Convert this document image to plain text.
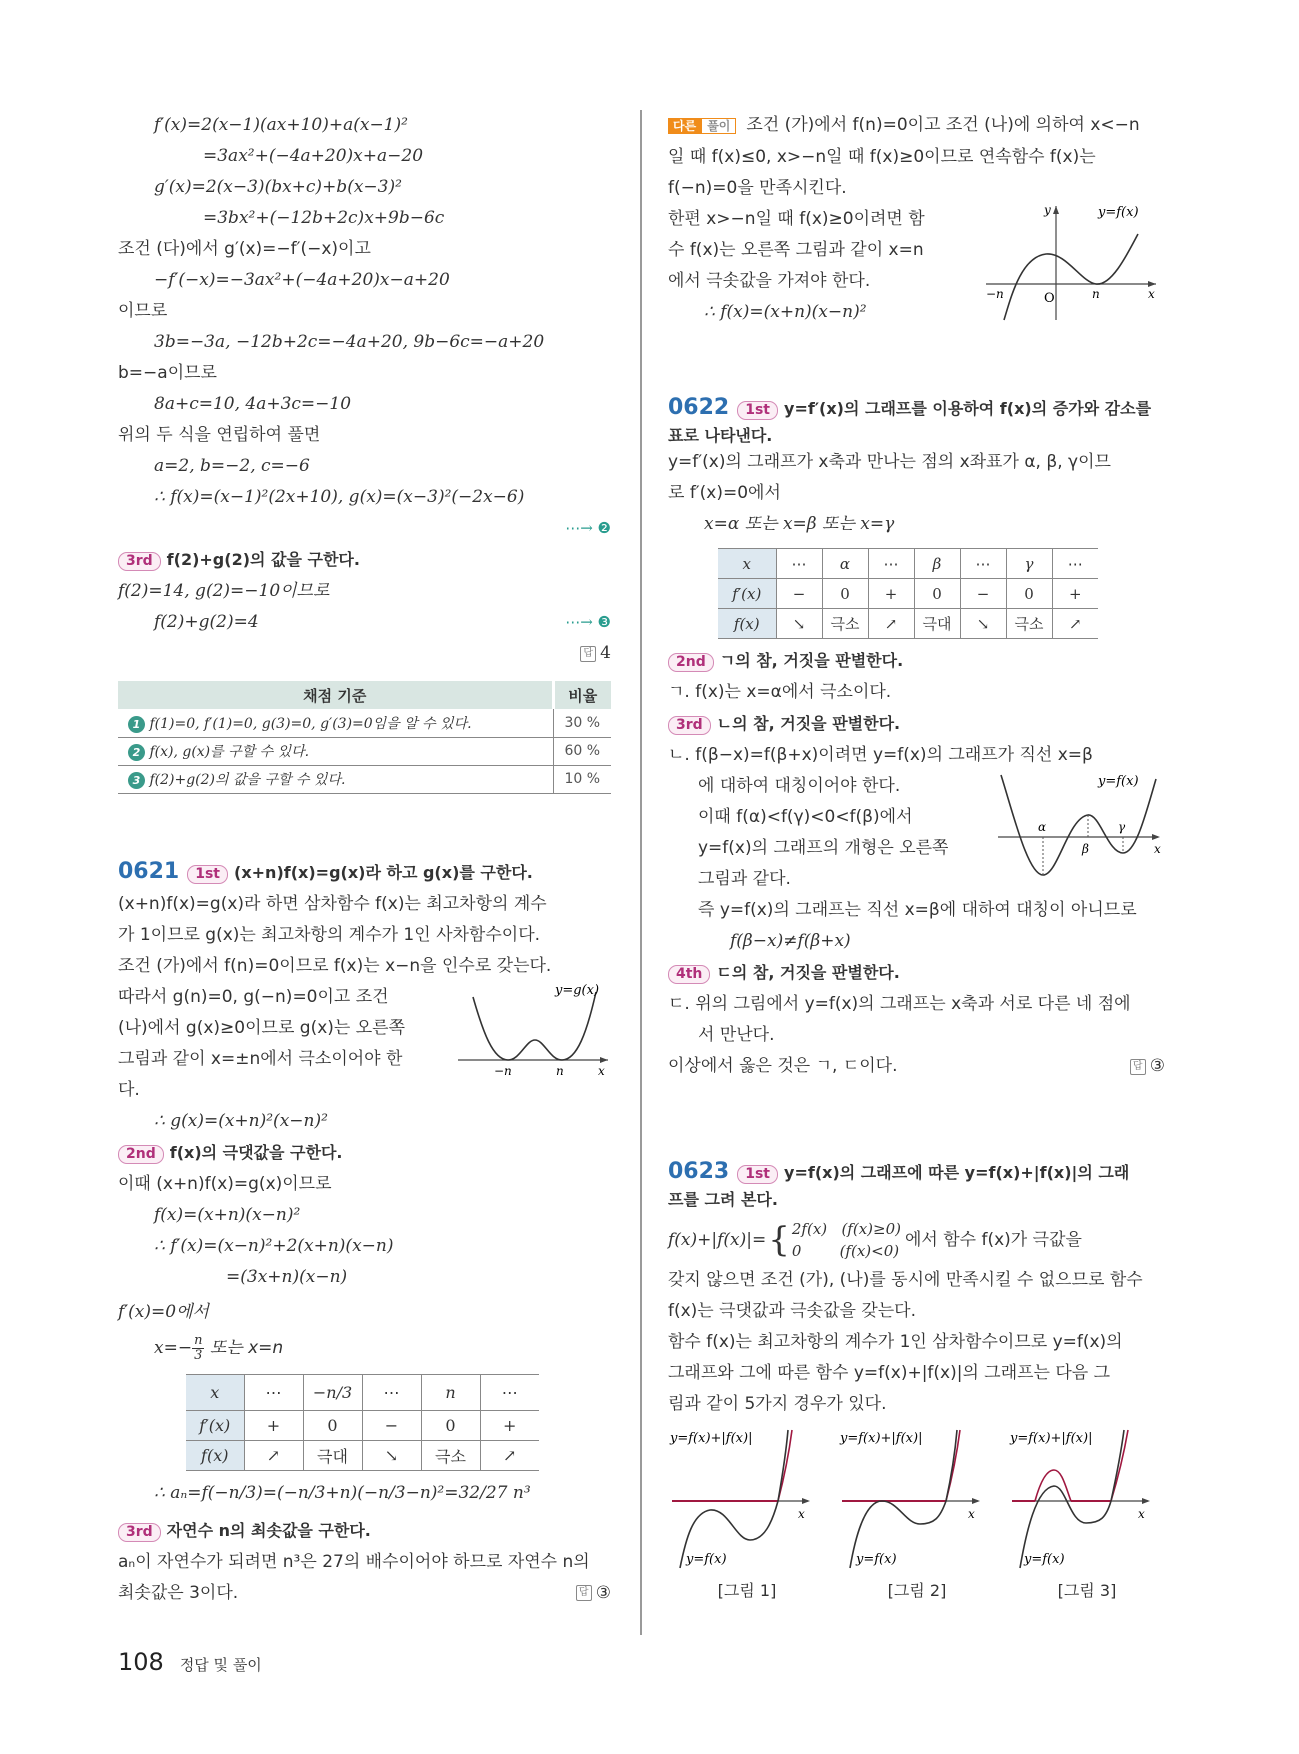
f′(x)=2(x−1)(ax+10)+a(x−1)²
=3ax²+(−4a+20)x+a−20
g′(x)=2(x−3)(bx+c)+b(x−3)²
=3bx²+(−12b+2c)x+9b−6c
조건 (다)에서 g′(x)=−f′(−x)이고
−f′(−x)=−3ax²+(−4a+20)x−a+20
이므로
3b=−3a, −12b+2c=−4a+20, 9b−6c=−a+20
b=−a이므로
8a+c=10, 4a+3c=−10
위의 두 식을 연립하여 풀면
a=2, b=−2, c=−6
∴ f(x)=(x−1)²(2x+10), g(x)=(x−3)²(−2x−6)
⋯→ ❷
3rd f(2)+g(2)의 값을 구한다.
f(2)=14, g(2)=−10이므로
f(2)+g(2)=4	⋯→ ❸
답 4
채점 기준	비율
1 f(1)=0, f′(1)=0, g(3)=0, g′(3)=0임을 알 수 있다.	30 %
2 f(x), g(x)를 구할 수 있다.	60 %
3 f(2)+g(2)의 값을 구할 수 있다.	10 %
0621 1st (x+n)f(x)=g(x)라 하고 g(x)를 구한다.
(x+n)f(x)=g(x)라 하면 삼차함수 f(x)는 최고차항의 계수
가 1이므로 g(x)는 최고차항의 계수가 1인 사차함수이다.
조건 (가)에서 f(n)=0이므로 f(x)는 x−n을 인수로 갖는다.
따라서 g(n)=0, g(−n)=0이고 조건
(나)에서 g(x)≥0이므로 g(x)는 오른쪽
그림과 같이 x=±n에서 극소이어야 한
다.
y=g(x)
−n	n	x
∴ g(x)=(x+n)²(x−n)²
2nd f(x)의 극댓값을 구한다.
이때 (x+n)f(x)=g(x)이므로
f(x)=(x+n)(x−n)²
∴ f′(x)=(x−n)²+2(x+n)(x−n)
=(3x+n)(x−n)
f′(x)=0에서
$x=- \frac{n}{3}$ 또는 x=n
x	⋯	−n/3	⋯	n	⋯
f′(x)	+	0	−	0	+
f(x)	↗	극대	↘	극소	↗
∴ aₙ=f(−n/3)=(−n/3+n)(−n/3−n)²=32/27 n³
3rd 자연수 n의 최솟값을 구한다.
aₙ이 자연수가 되려면 n³은 27의 배수이어야 하므로 자연수 n의
최솟값은 3이다.	답 ③
다른 풀이 조건 (가)에서 f(n)=0이고 조건 (나)에 의하여 x<−n
일 때 f(x)≤0, x>−n일 때 f(x)≥0이므로 연속함수 f(x)는
f(−n)=0을 만족시킨다.
한편 x>−n일 때 f(x)≥0이려면 함
수 f(x)는 오른쪽 그림과 같이 x=n
에서 극솟값을 가져야 한다.
∴ f(x)=(x+n)(x−n)²
y	y=f(x)
−n	O	n	x
0622 1st y=f′(x)의 그래프를 이용하여 f(x)의 증가와 감소를
표로 나타낸다.
y=f′(x)의 그래프가 x축과 만나는 점의 x좌표가 α, β, γ이므
로 f′(x)=0에서
x=α 또는 x=β 또는 x=γ
x	⋯	α	⋯	β	⋯	γ	⋯
f′(x)	−	0	+	0	−	0	+
f(x)	↘	극소	↗	극대	↘	극소	↗
2nd ㄱ의 참, 거짓을 판별한다.
ㄱ. f(x)는 x=α에서 극소이다.
3rd ㄴ의 참, 거짓을 판별한다.
ㄴ. f(β−x)=f(β+x)이려면 y=f(x)의 그래프가 직선 x=β
에 대하여 대칭이어야 한다.
이때 f(α)<f(γ)<0<f(β)에서
y=f(x)의 그래프의 개형은 오른쪽
그림과 같다.
y=f(x)
α
β
γ
x
즉 y=f(x)의 그래프는 직선 x=β에 대하여 대칭이 아니므로
f(β−x)≠f(β+x)
4th ㄷ의 참, 거짓을 판별한다.
ㄷ. 위의 그림에서 y=f(x)의 그래프는 x축과 서로 다른 네 점에
서 만난다.
이상에서 옳은 것은 ㄱ, ㄷ이다.	답 ③
0623 1st y=f(x)의 그래프에 따른 y=f(x)+|f(x)|의 그래
프를 그려 본다.
f(x)+|f(x)|= { 2f(x)   (f(x)≥0)
0        (f(x)<0)
에서 함수 f(x)가 극값을
갖지 않으면 조건 (가), (나)를 동시에 만족시킬 수 없으므로 함수
f(x)는 극댓값과 극솟값을 갖는다.
함수 f(x)는 최고차항의 계수가 1인 삼차함수이므로 y=f(x)의
그래프와 그에 따른 함수 y=f(x)+|f(x)|의 그래프는 다음 그
림과 같이 5가지 경우가 있다.
y=f(x)+|f(x)|
y=f(x)
x
[그림 1]
y=f(x)+|f(x)|
y=f(x)
x
[그림 2]
y=f(x)+|f(x)|
y=f(x)
x
[그림 3]
108 정답 및 풀이
